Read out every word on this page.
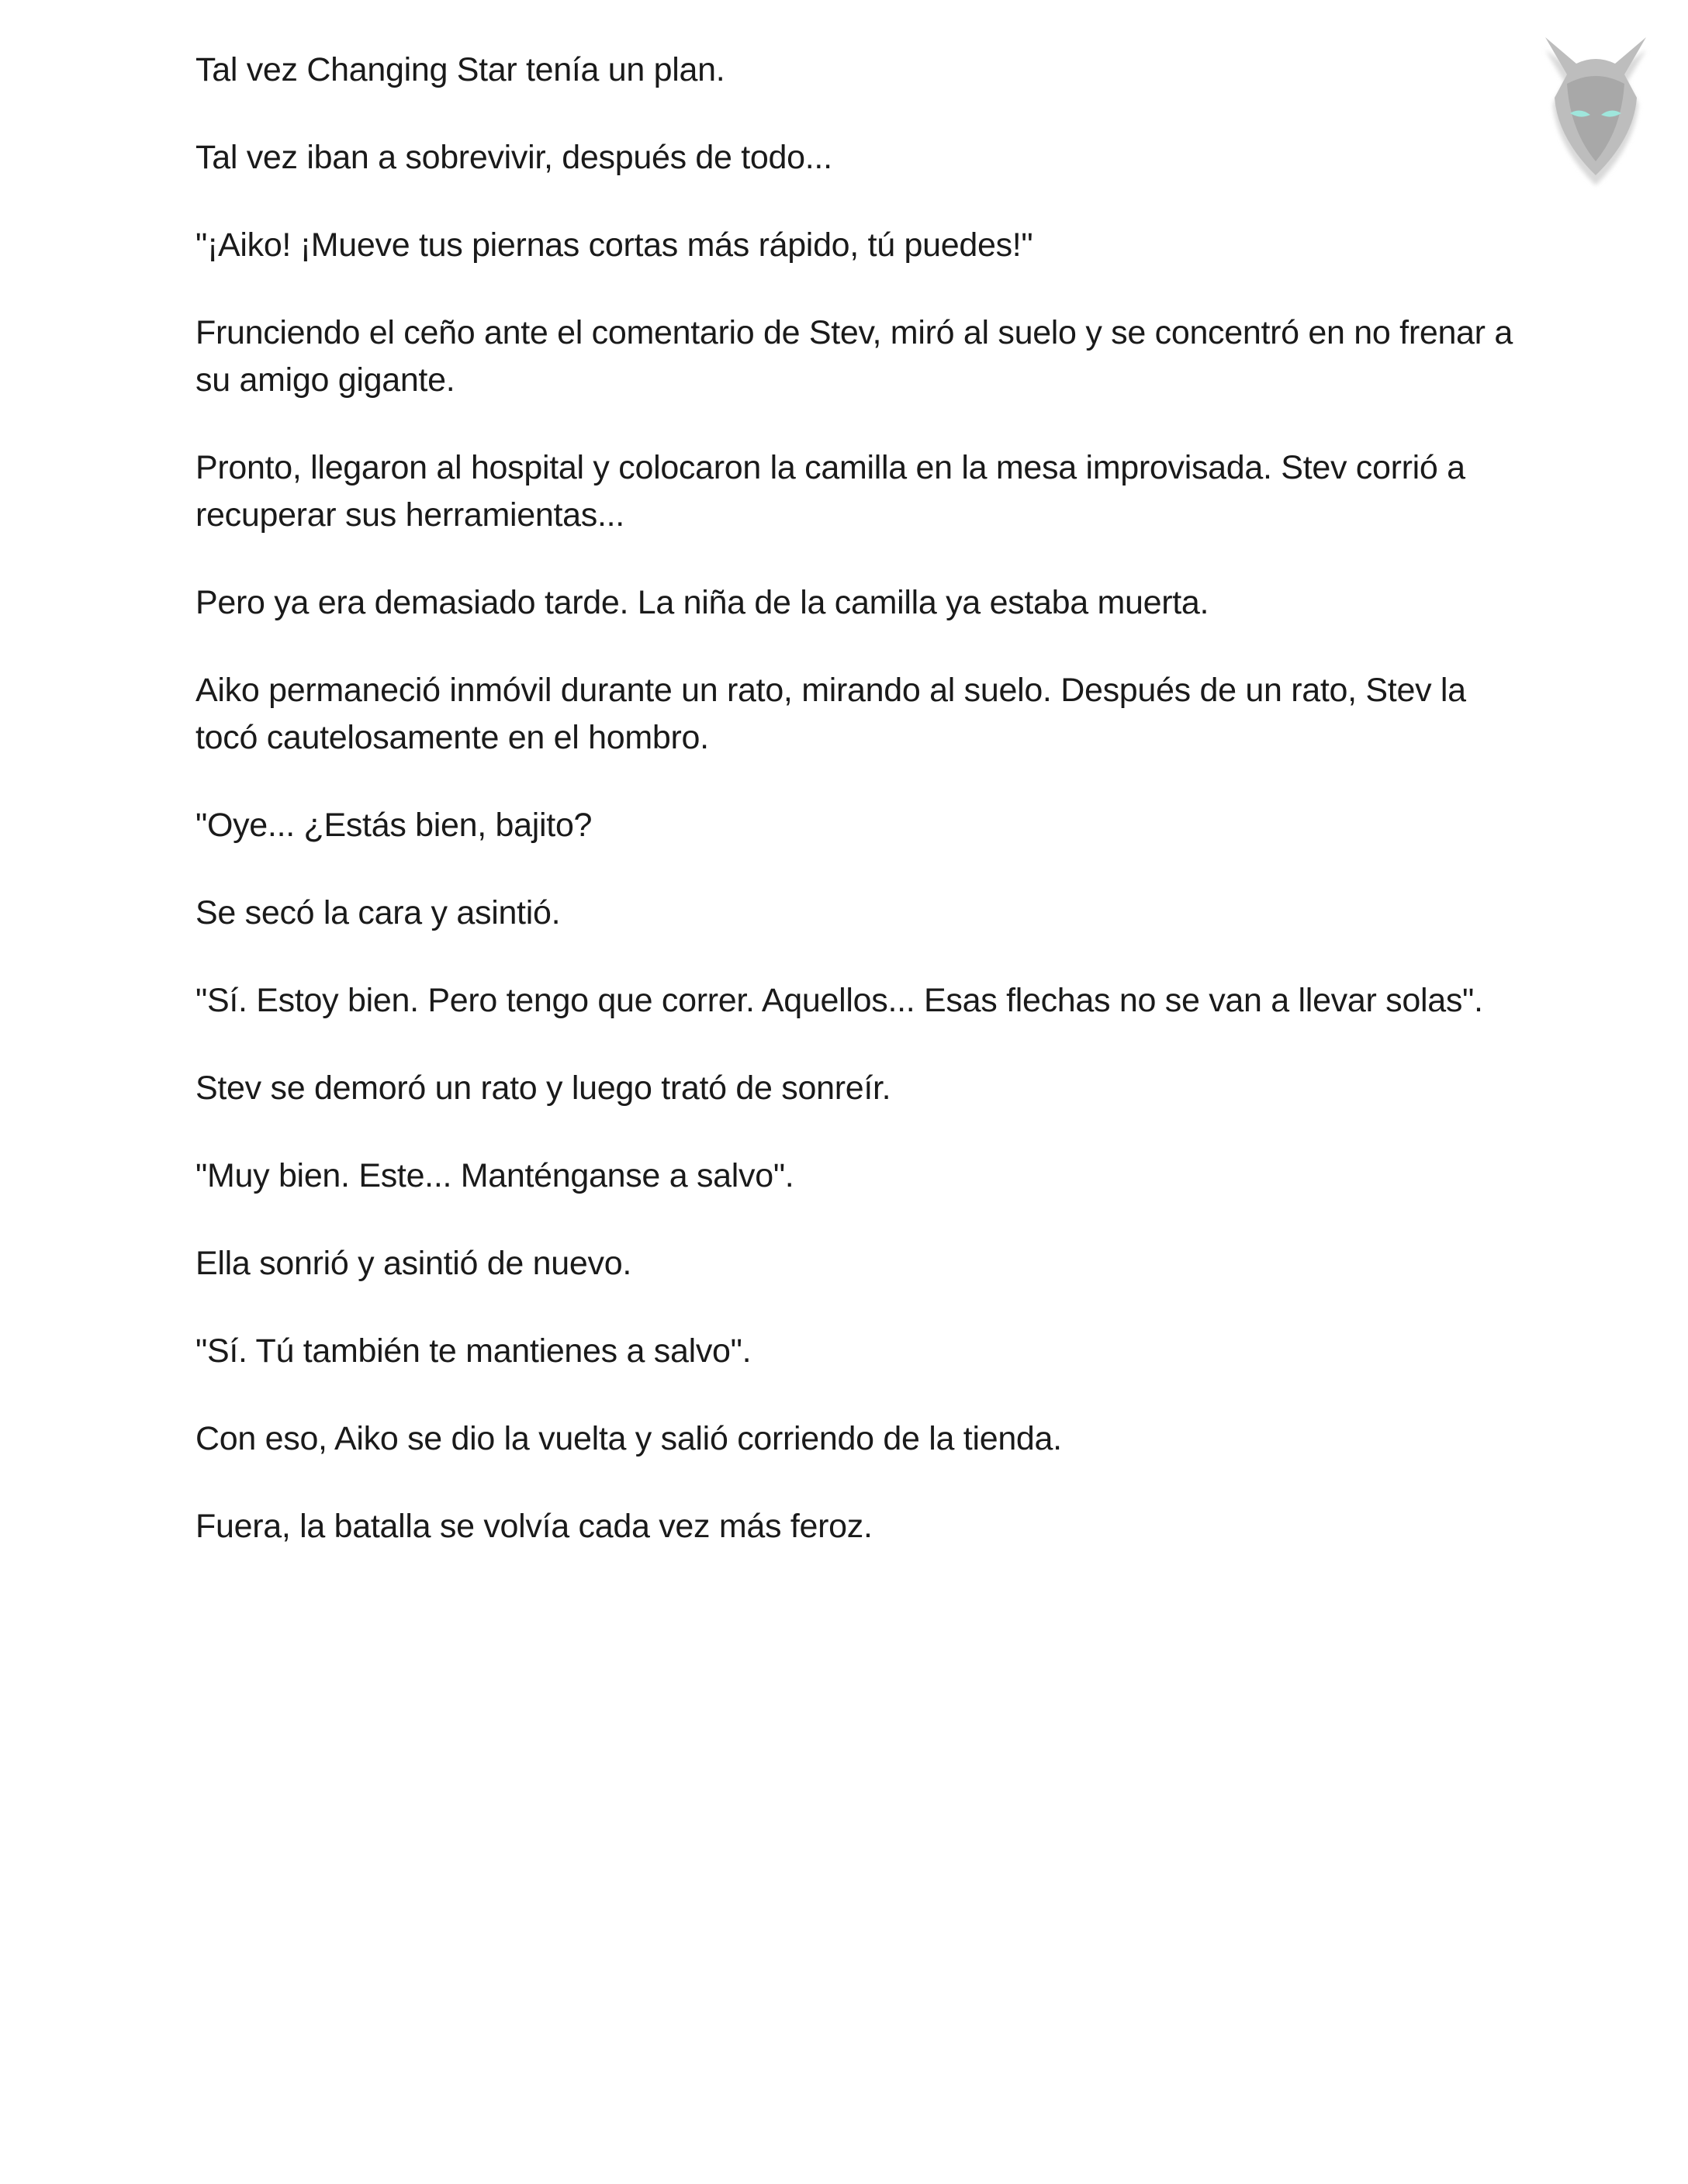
Tal vez Changing Star tenía un plan.

Tal vez iban a sobrevivir, después de todo...

"¡Aiko! ¡Mueve tus piernas cortas más rápido, tú puedes!"

Frunciendo el ceño ante el comentario de Stev, miró al suelo y se concentró en no frenar a su amigo gigante.

Pronto, llegaron al hospital y colocaron la camilla en la mesa improvisada. Stev corrió a recuperar sus herramientas...

Pero ya era demasiado tarde. La niña de la camilla ya estaba muerta.

Aiko permaneció inmóvil durante un rato, mirando al suelo. Después de un rato, Stev la tocó cautelosamente en el hombro.

"Oye... ¿Estás bien, bajito?

Se secó la cara y asintió.

"Sí. Estoy bien. Pero tengo que correr. Aquellos... Esas flechas no se van a llevar solas".

Stev se demoró un rato y luego trató de sonreír.

"Muy bien. Este... Manténganse a salvo".

Ella sonrió y asintió de nuevo.

"Sí. Tú también te mantienes a salvo".

Con eso, Aiko se dio la vuelta y salió corriendo de la tienda.

Fuera, la batalla se volvía cada vez más feroz.
